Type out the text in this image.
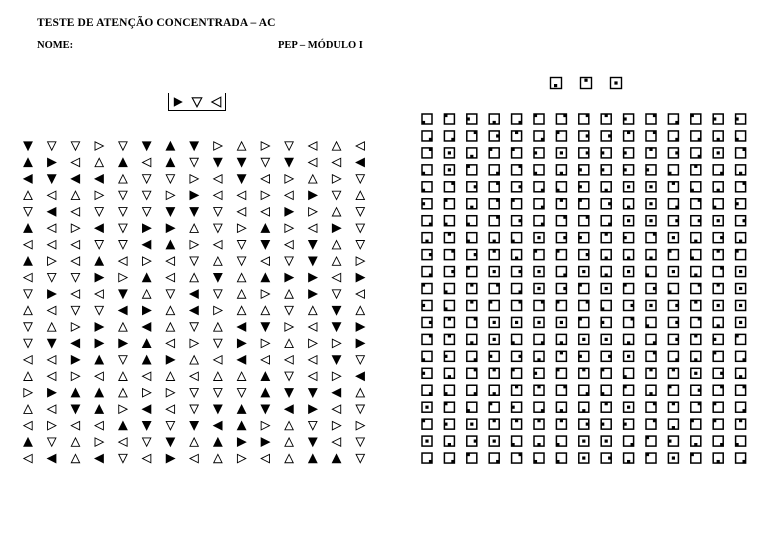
TESTE DE ATENÇÃO CONCENTRADA – AC
NOME:	PEP – MÓDULO I
